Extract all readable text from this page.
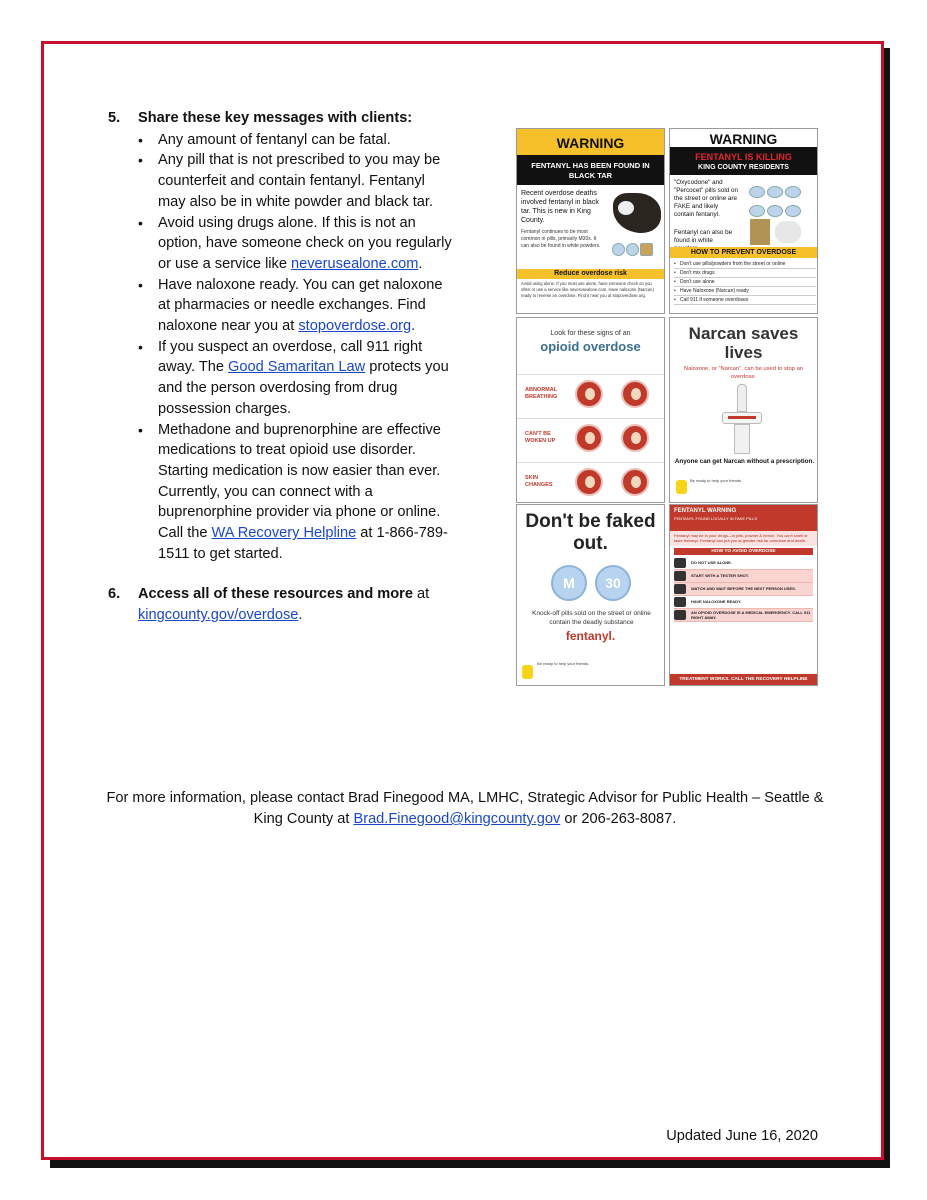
5.	Share these key messages with clients:
• Any amount of fentanyl can be fatal.
• Any pill that is not prescribed to you may be counterfeit and contain fentanyl. Fentanyl may also be in white powder and black tar.
• Avoid using drugs alone. If this is not an option, have someone check on you regularly or use a service like neverusealone.com.
• Have naloxone ready. You can get naloxone at pharmacies or needle exchanges. Find naloxone near you at stopoverdose.org.
• If you suspect an overdose, call 911 right away. The Good Samaritan Law protects you and the person overdosing from drug possession charges.
• Methadone and buprenorphine are effective medications to treat opioid use disorder. Starting medication is now easier than ever. Currently, you can connect with a buprenorphine provider via phone or online. Call the WA Recovery Helpline at 1-866-789-1511 to get started.
6.	Access all of these resources and more at kingcounty.gov/overdose.
WARNING
FENTANYL HAS BEEN FOUND IN BLACK TAR
Recent overdose deaths involved fentanyl in black tar. This is new in King County.
Fentanyl continues to be most common in pills, primarily M30s. It can also be found in white powders.
Reduce overdose risk
Avoid using alone. If you must use alone, have someone check on you often or use a service like neverusealone.com. Have naloxone (Narcan) ready to reverse an overdose. Find it near you at stopoverdose.org.
WARNING
FENTANYL IS KILLING
KING COUNTY RESIDENTS
"Oxycodone" and "Percocet" pills sold on the street or online are FAKE and likely contain fentanyl.
Fentanyl can also be found in white
HOW TO PREVENT OVERDOSE
• Don't use pills/powders from the street or online
• Don't mix drugs
• Don't use alone
• Have Naloxone (Narcan) ready
• Call 911 if someone overdoses
Look for these signs of an
opioid overdose
ABNORMAL BREATHING
CAN'T BE WOKEN UP
SKIN CHANGES
Narcan saves lives
Naloxone, or "Narcan", can be used to stop an overdose.
Anyone can get Narcan without a prescription.
Be ready to help your friends.
Don't be faked out.
M	30
Knock-off pills sold on the street or online contain the deadly substance
fentanyl.
Be ready to help your friends.
FENTANYL WARNING
FENTANYL FOUND LOCALLY IN FAKE PILLS
Fentanyl may be in your drugs—in pills, powder & heroin. You can't smell or taste fentanyl. Fentanyl can put you at greater risk for overdose and death.
HOW TO AVOID OVERDOSE
DO NOT USE ALONE.
START WITH A TESTER SHOT.
WATCH AND WAIT BEFORE THE NEXT PERSON USES.
HAVE NALOXONE READY.
AN OPIOID OVERDOSE IS A MEDICAL EMERGENCY. CALL 911 RIGHT AWAY.
TREATMENT WORKS. CALL THE RECOVERY HELPLINE
For more information, please contact Brad Finegood MA, LMHC, Strategic Advisor for Public Health – Seattle & King County at Brad.Finegood@kingcounty.gov or 206-263-8087.
Updated June 16, 2020
